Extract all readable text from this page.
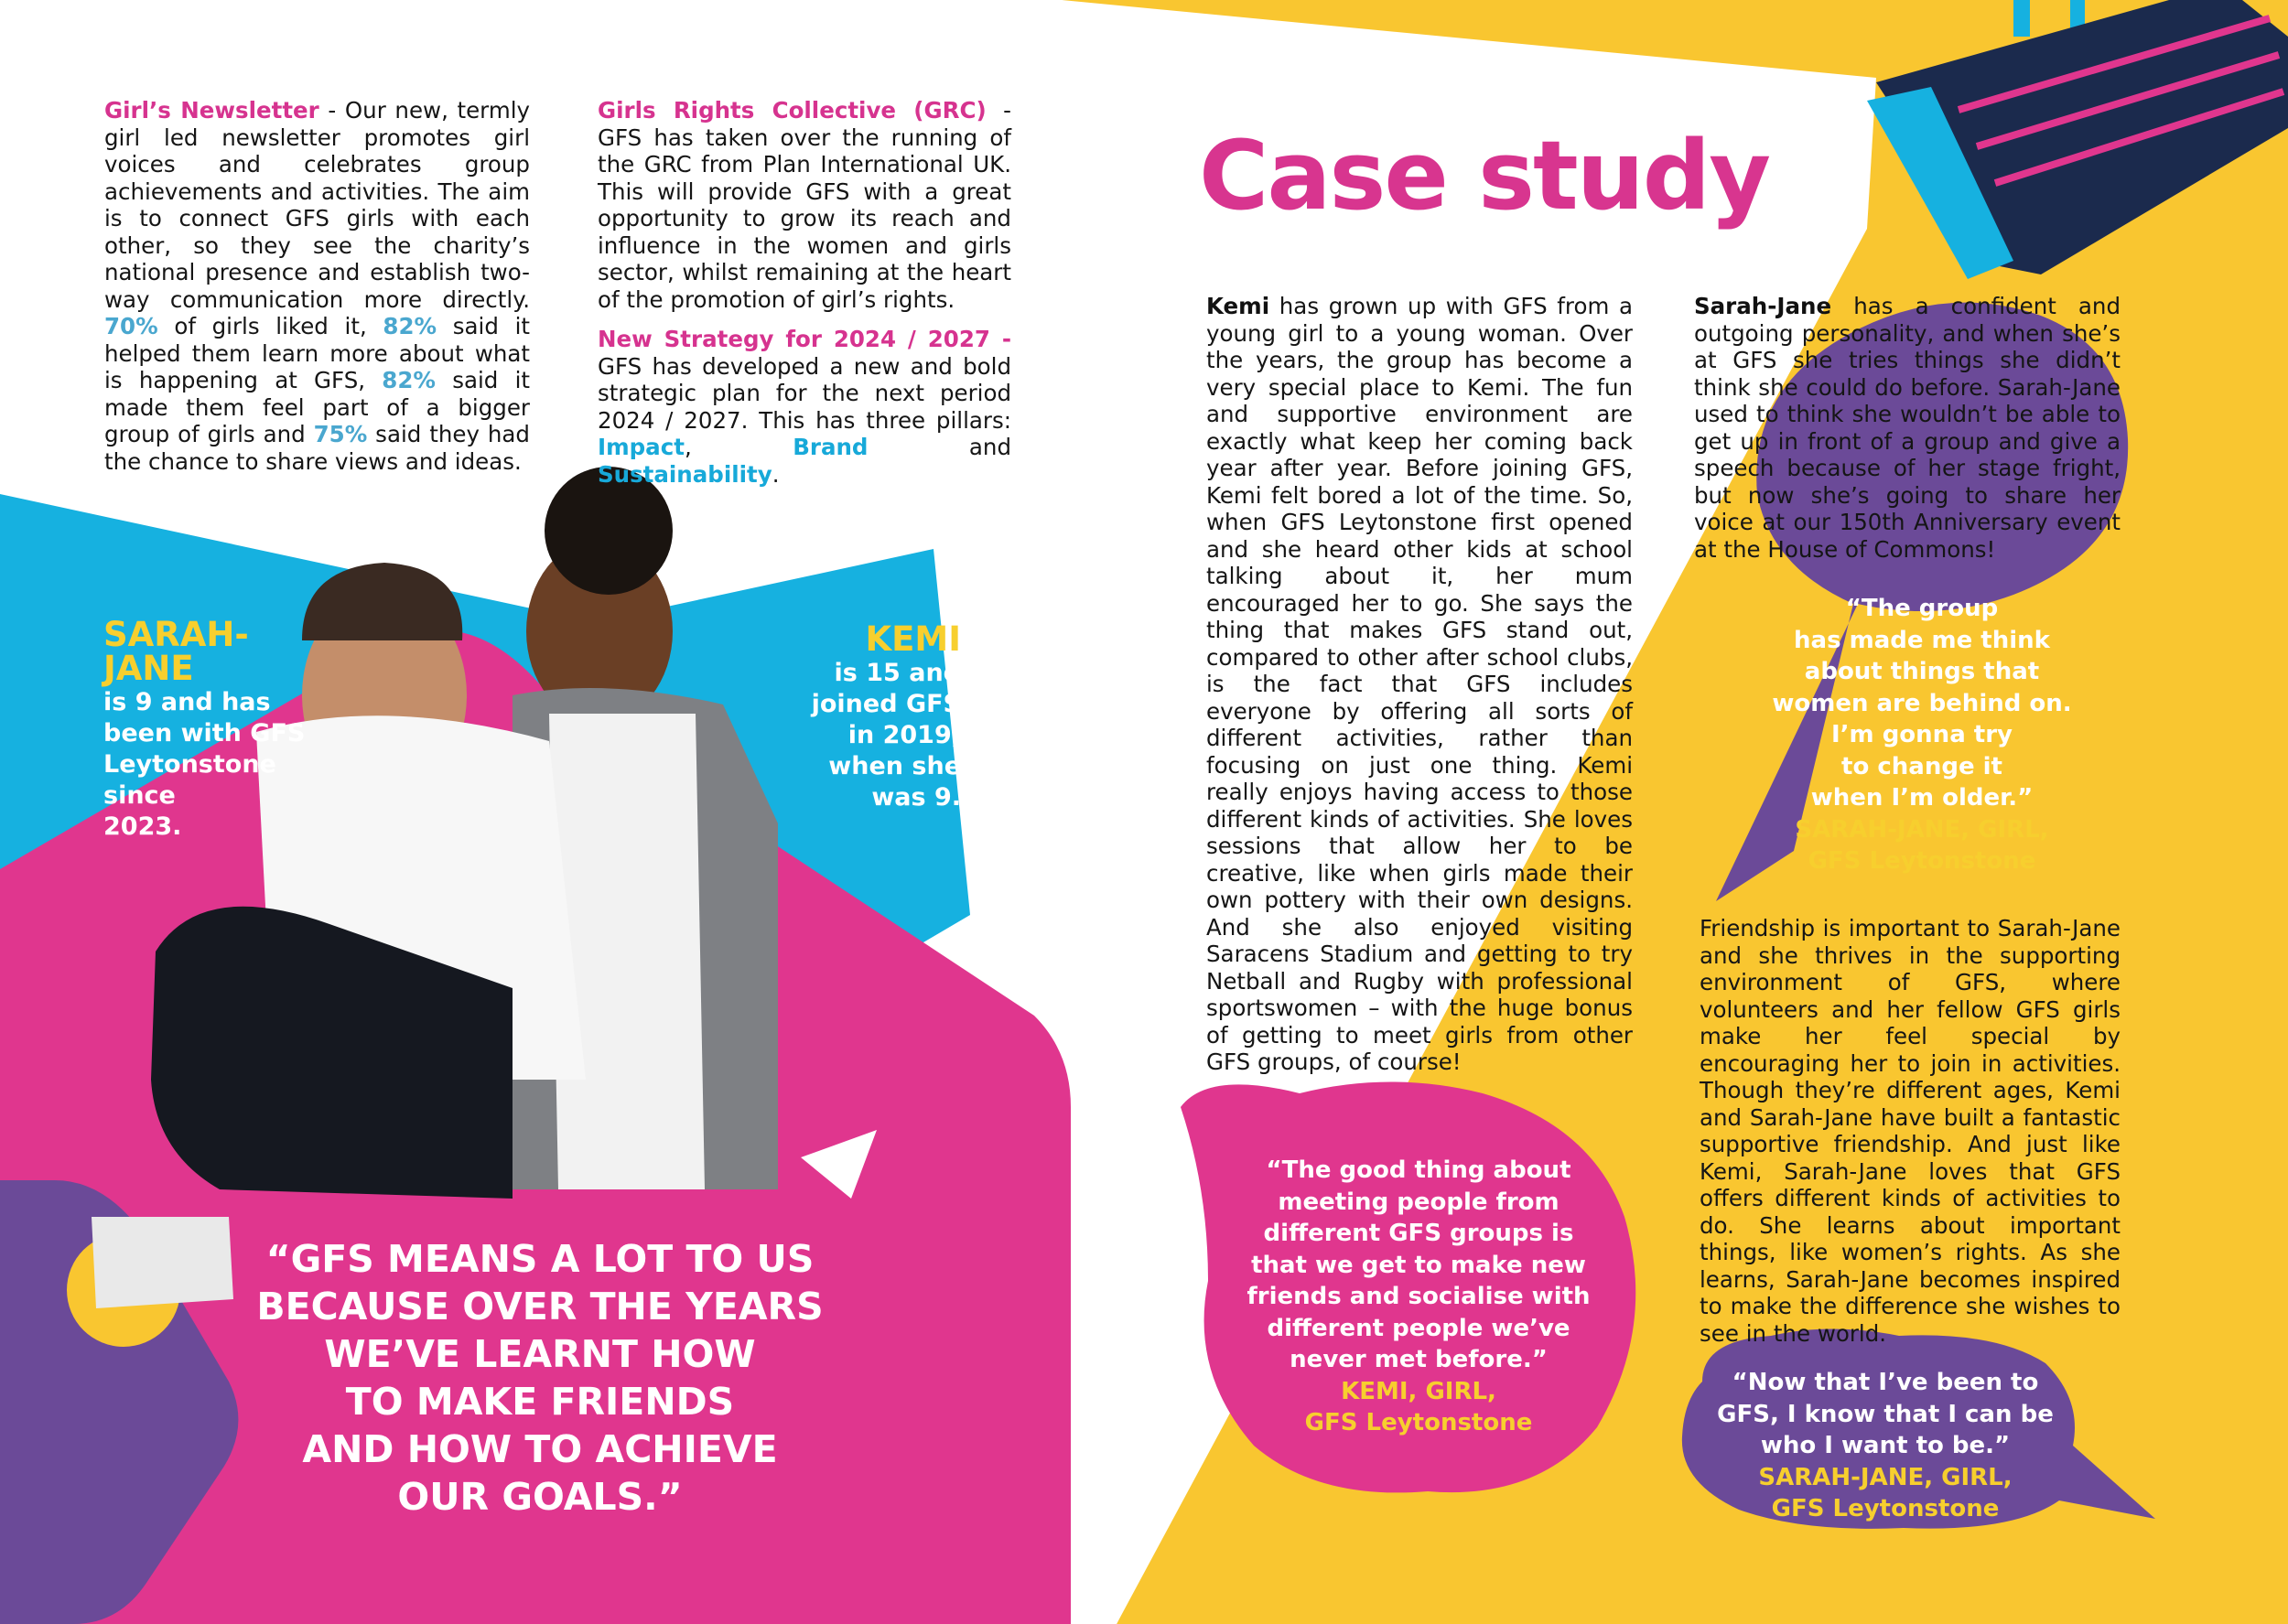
Girl’s Newsletter - Our new, termly girl led newsletter promotes girl voices and celebrates group achievements and activities. The aim is to connect GFS girls with each other, so they see the charity’s national presence and establish two-way communication more directly. 70% of girls liked it, 82% said it helped them learn more about what is happening at GFS, 82% said it made them feel part of a bigger group of girls and 75% said they had the chance to share views and ideas.

Girls Rights Collective (GRC) - GFS has taken over the running of the GRC from Plan International UK. This will provide GFS with a great opportunity to grow its reach and influence in the women and girls sector, whilst remaining at the heart of the promotion of girl’s rights.

New Strategy for 2024 / 2027 - GFS has developed a new and bold strategic plan for the next period 2024 / 2027. This has three pillars: Impact, Brand and Sustainability.

SARAH-
JANE
is 9 and has
been with GFS
Leytonstone
since
2023.
KEMI
is 15 and
joined GFS
in 2019,
when she
was 9.
“GFS MEANS A LOT TO US
BECAUSE OVER THE YEARS
WE’VE LEARNT HOW
TO MAKE FRIENDS
AND HOW TO ACHIEVE
OUR GOALS.”
Case study

Kemi has grown up with GFS from a young girl to a young woman. Over the years, the group has become a very special place to Kemi. The fun and supportive environment are exactly what keep her coming back year after year. Before joining GFS, Kemi felt bored a lot of the time. So, when GFS Leytonstone first opened and she heard other kids at school talking about it, her mum encouraged her to go. She says the thing that makes GFS stand out, compared to other after school clubs, is the fact that GFS includes everyone by offering all sorts of different activities, rather than focusing on just one thing. Kemi really enjoys having access to those different kinds of activities. She loves sessions that allow her to be creative, like when girls made their own pottery with their own designs. And she also enjoyed visiting Saracens Stadium and getting to try Netball and Rugby with professional sportswomen – with the huge bonus of getting to meet girls from other GFS groups, of course!

Sarah-Jane has a confident and outgoing personality, and when she’s at GFS she tries things she didn’t think she could do before. Sarah-Jane used to think she wouldn’t be able to get up in front of a group and give a speech because of her stage fright, but now she’s going to share her voice at our 150th Anniversary event at the House of Commons!

Friendship is important to Sarah-Jane and she thrives in the supporting environment of GFS, where volunteers and her fellow GFS girls make her feel special by encouraging her to join in activities. Though they’re different ages, Kemi and Sarah-Jane have built a fantastic supportive friendship. And just like Kemi, Sarah-Jane loves that GFS offers different kinds of activities to do. She learns about important things, like women’s rights. As she learns, Sarah-Jane becomes inspired to make the difference she wishes to see in the world.

“The group
has made me think
about things that
women are behind on.
I’m gonna try
to change it
when I’m older.”
SARAH-JANE, GIRL,
GFS Leytonstone
“The good thing about
meeting people from
different GFS groups is
that we get to make new
friends and socialise with
different people we’ve
never met before.”
KEMI, GIRL,
GFS Leytonstone
“Now that I’ve been to
GFS, I know that I can be
who I want to be.”
SARAH-JANE, GIRL,
GFS Leytonstone
